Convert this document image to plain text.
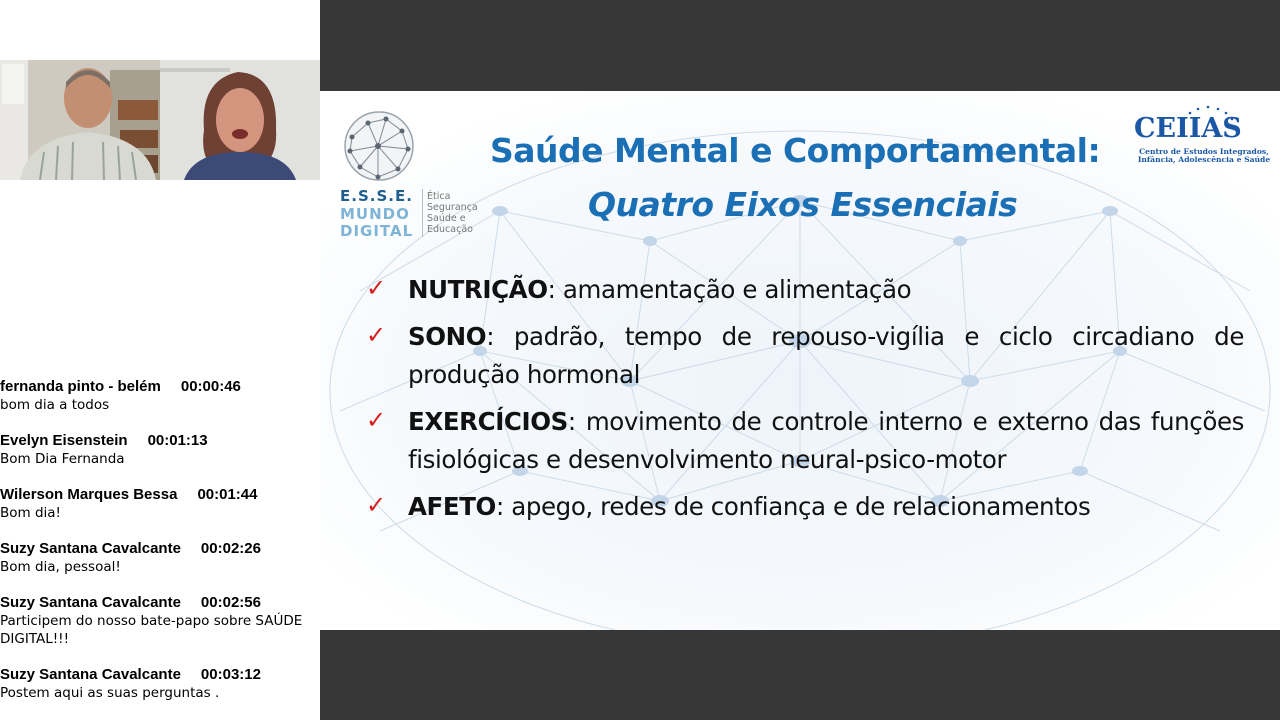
fernanda pinto - belém 00:00:46
bom dia a todos
Evelyn Eisenstein 00:01:13
Bom Dia Fernanda
Wilerson Marques Bessa 00:01:44
Bom dia!
Suzy Santana Cavalcante 00:02:26
Bom dia, pessoal!
Suzy Santana Cavalcante 00:02:56
Participem do nosso bate-papo sobre SAÚDE DIGITAL!!!
Suzy Santana Cavalcante 00:03:12
Postem aqui as suas perguntas .
E.S.S.E.
MUNDO
DIGITAL
Ética
Segurança
Saúde e
Educação
CEIIAS
Centro de Estudos Integrados, Infância, Adolescência e Saúde
Saúde Mental e Comportamental:
Quatro Eixos Essenciais
✓ NUTRIÇÃO: amamentação e alimentação
✓ SONO: padrão, tempo de repouso-vigília e ciclo circadiano de produção hormonal
✓ EXERCÍCIOS: movimento de controle interno e externo das funções fisiológicas e desenvolvimento neural-psico-motor
✓ AFETO: apego, redes de confiança e de relacionamentos
